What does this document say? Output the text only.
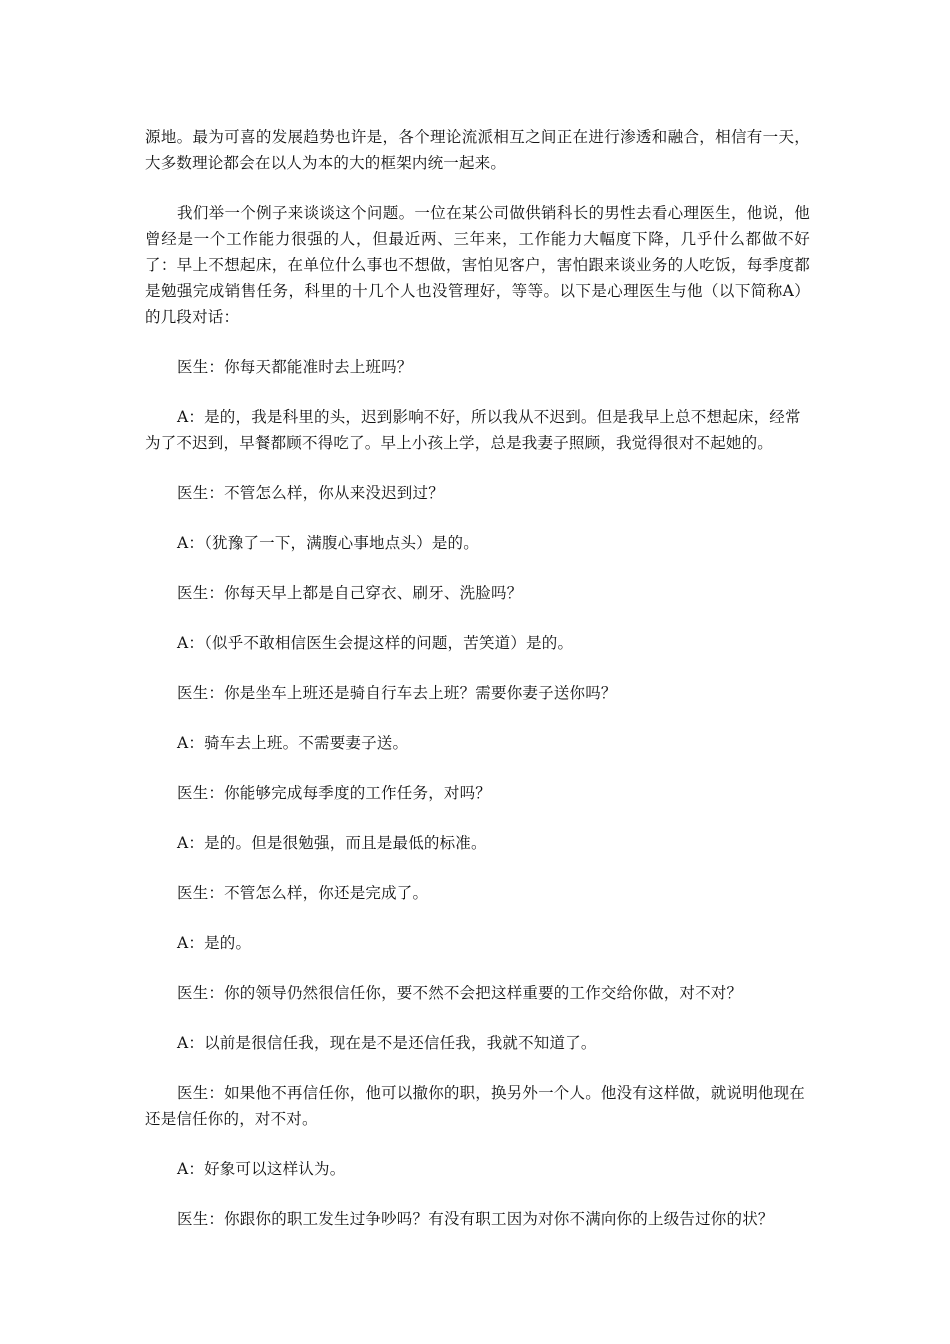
源地。最为可喜的发展趋势也许是，各个理论流派相互之间正在进行渗透和融合，相信有一天，大多数理论都会在以人为本的大的框架内统一起来。

我们举一个例子来谈谈这个问题。一位在某公司做供销科长的男性去看心理医生，他说，他曾经是一个工作能力很强的人，但最近两、三年来，工作能力大幅度下降，几乎什么都做不好了：早上不想起床，在单位什么事也不想做，害怕见客户，害怕跟来谈业务的人吃饭，每季度都是勉强完成销售任务，科里的十几个人也没管理好，等等。以下是心理医生与他（以下简称A）的几段对话：

医生：你每天都能准时去上班吗？

A：是的，我是科里的头，迟到影响不好，所以我从不迟到。但是我早上总不想起床，经常为了不迟到，早餐都顾不得吃了。早上小孩上学，总是我妻子照顾，我觉得很对不起她的。

医生：不管怎么样，你从来没迟到过？

A：（犹豫了一下，满腹心事地点头）是的。

医生：你每天早上都是自己穿衣、刷牙、洗脸吗？

A：（似乎不敢相信医生会提这样的问题，苦笑道）是的。

医生：你是坐车上班还是骑自行车去上班？需要你妻子送你吗？

A：骑车去上班。不需要妻子送。

医生：你能够完成每季度的工作任务，对吗？

A：是的。但是很勉强，而且是最低的标准。

医生：不管怎么样，你还是完成了。

A：是的。

医生：你的领导仍然很信任你，要不然不会把这样重要的工作交给你做，对不对？

A：以前是很信任我，现在是不是还信任我，我就不知道了。

医生：如果他不再信任你，他可以撤你的职，换另外一个人。他没有这样做，就说明他现在还是信任你的，对不对。

A：好象可以这样认为。

医生：你跟你的职工发生过争吵吗？有没有职工因为对你不满向你的上级告过你的状？
